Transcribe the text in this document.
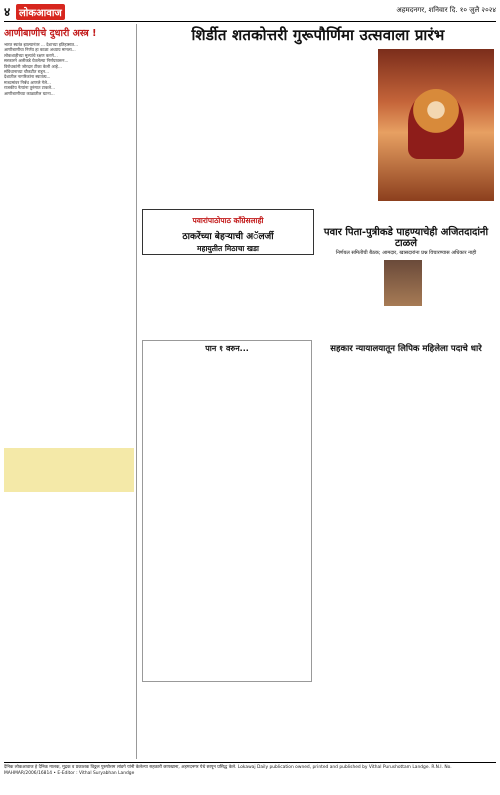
४ लोकआवाज	अहमदनगर, शनिवार दि. १० जुलै २०२४
आणीबाणीचे दुधारी अस्त्र !
भारत स्वतंत्र झाल्यानंतर ... देशाच्या इतिहासात...
आणीबाणीचा निर्णय हा काळा अध्याय मानला...
लोकशाहीच्या मूल्यांचे रक्षण करणे...
सरकारने अलीकडे घेतलेल्या निर्णयावरून...
विरोधकांनी जोरदार टीका केली आहे...
संविधानाच्या चौकटीत राहून...
देशातील नागरिकांना स्वातंत्र्य...
माध्यमांवर निर्बंध आणले गेले...
राजकीय नेत्यांना तुरुंगात टाकले...
आणीबाणीच्या काळातील घटना...
शिर्डीत शतकोत्तरी गुरूपौर्णिमा उत्सवाला प्रारंभ
पवारांपाठोपाठ काँग्रेसलाही
ठाकरेंच्या बेहऱ्याची अॅलर्जी
महायुतीत मिठाचा खडा
पवार पिता-पुत्रीकडे पाहण्याचेही अजितदादांनी टाळले
निर्णयल समितीची बैठक; आमदार, खासदारांना प्रश्न विचारण्यास अधिकार नाही
पान १ वरुन...	सहकार न्यायालयातून लिपिक महिलेला पदाचे धारे
दैनिक लोकआवाज हे दैनिक मालक, मुद्रक व प्रकाशक विठ्ठल पुरुषोत्तम लांडगे यांनी केलेल्या सहकारी छापखाना, अहमदनगर येथे छापून प्रसिद्ध केले. Lokawaj Daily publication owned, printed and published by Vithal Purushottam Landge. R.N.I. No. MAHMAR/2006/16814 • E-Editor : Vithal Suryabhan Landge
